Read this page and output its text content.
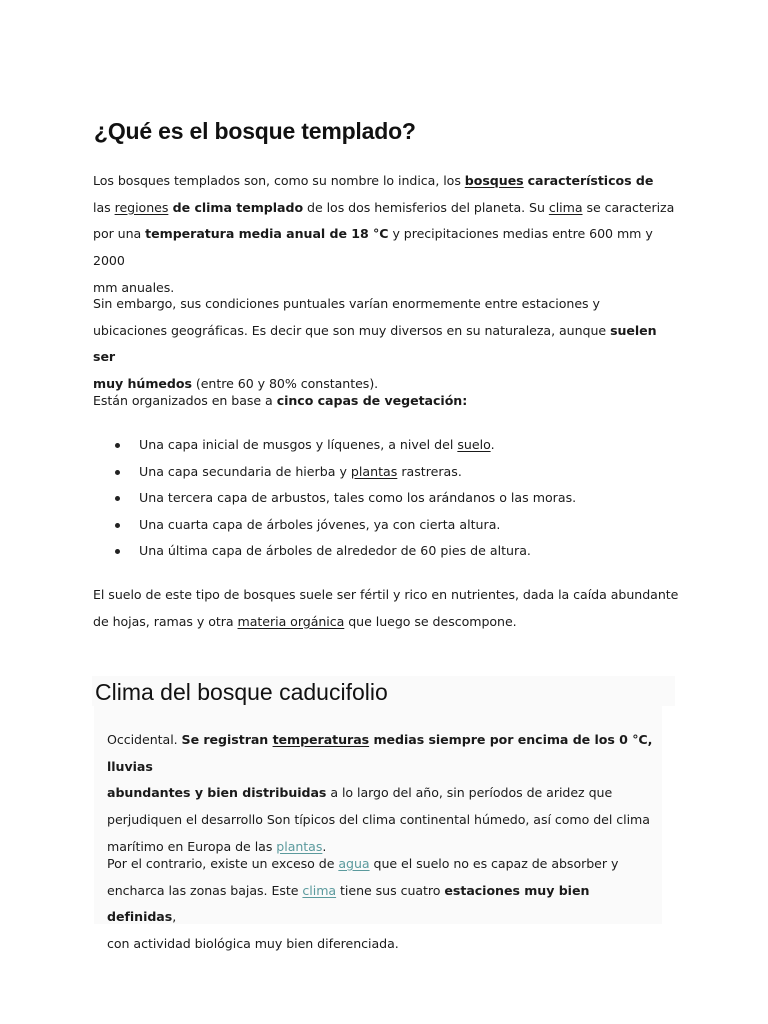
¿Qué es el bosque templado?

Los bosques templados son, como su nombre lo indica, los bosques característicos de
las regiones de clima templado de los dos hemisferios del planeta. Su clima se caracteriza
por una temperatura media anual de 18 °C y precipitaciones medias entre 600 mm y 2000
mm anuales.

Sin embargo, sus condiciones puntuales varían enormemente entre estaciones y
ubicaciones geográficas. Es decir que son muy diversos en su naturaleza, aunque suelen ser
muy húmedos (entre 60 y 80% constantes).

Están organizados en base a cinco capas de vegetación:

Una capa inicial de musgos y líquenes, a nivel del suelo.
Una capa secundaria de hierba y plantas rastreras.
Una tercera capa de arbustos, tales como los arándanos o las moras.
Una cuarta capa de árboles jóvenes, ya con cierta altura.
Una última capa de árboles de alrededor de 60 pies de altura.

El suelo de este tipo de bosques suele ser fértil y rico en nutrientes, dada la caída abundante
de hojas, ramas y otra materia orgánica que luego se descompone.

Clima del bosque caducifolio

Occidental. Se registran temperaturas medias siempre por encima de los 0 °C, lluvias
abundantes y bien distribuidas a lo largo del año, sin períodos de aridez que
perjudiquen el desarrollo Son típicos del clima continental húmedo, así como del clima
marítimo en Europa de las plantas.

Por el contrario, existe un exceso de agua que el suelo no es capaz de absorber y
encharca las zonas bajas. Este clima tiene sus cuatro estaciones muy bien definidas,
con actividad biológica muy bien diferenciada.
